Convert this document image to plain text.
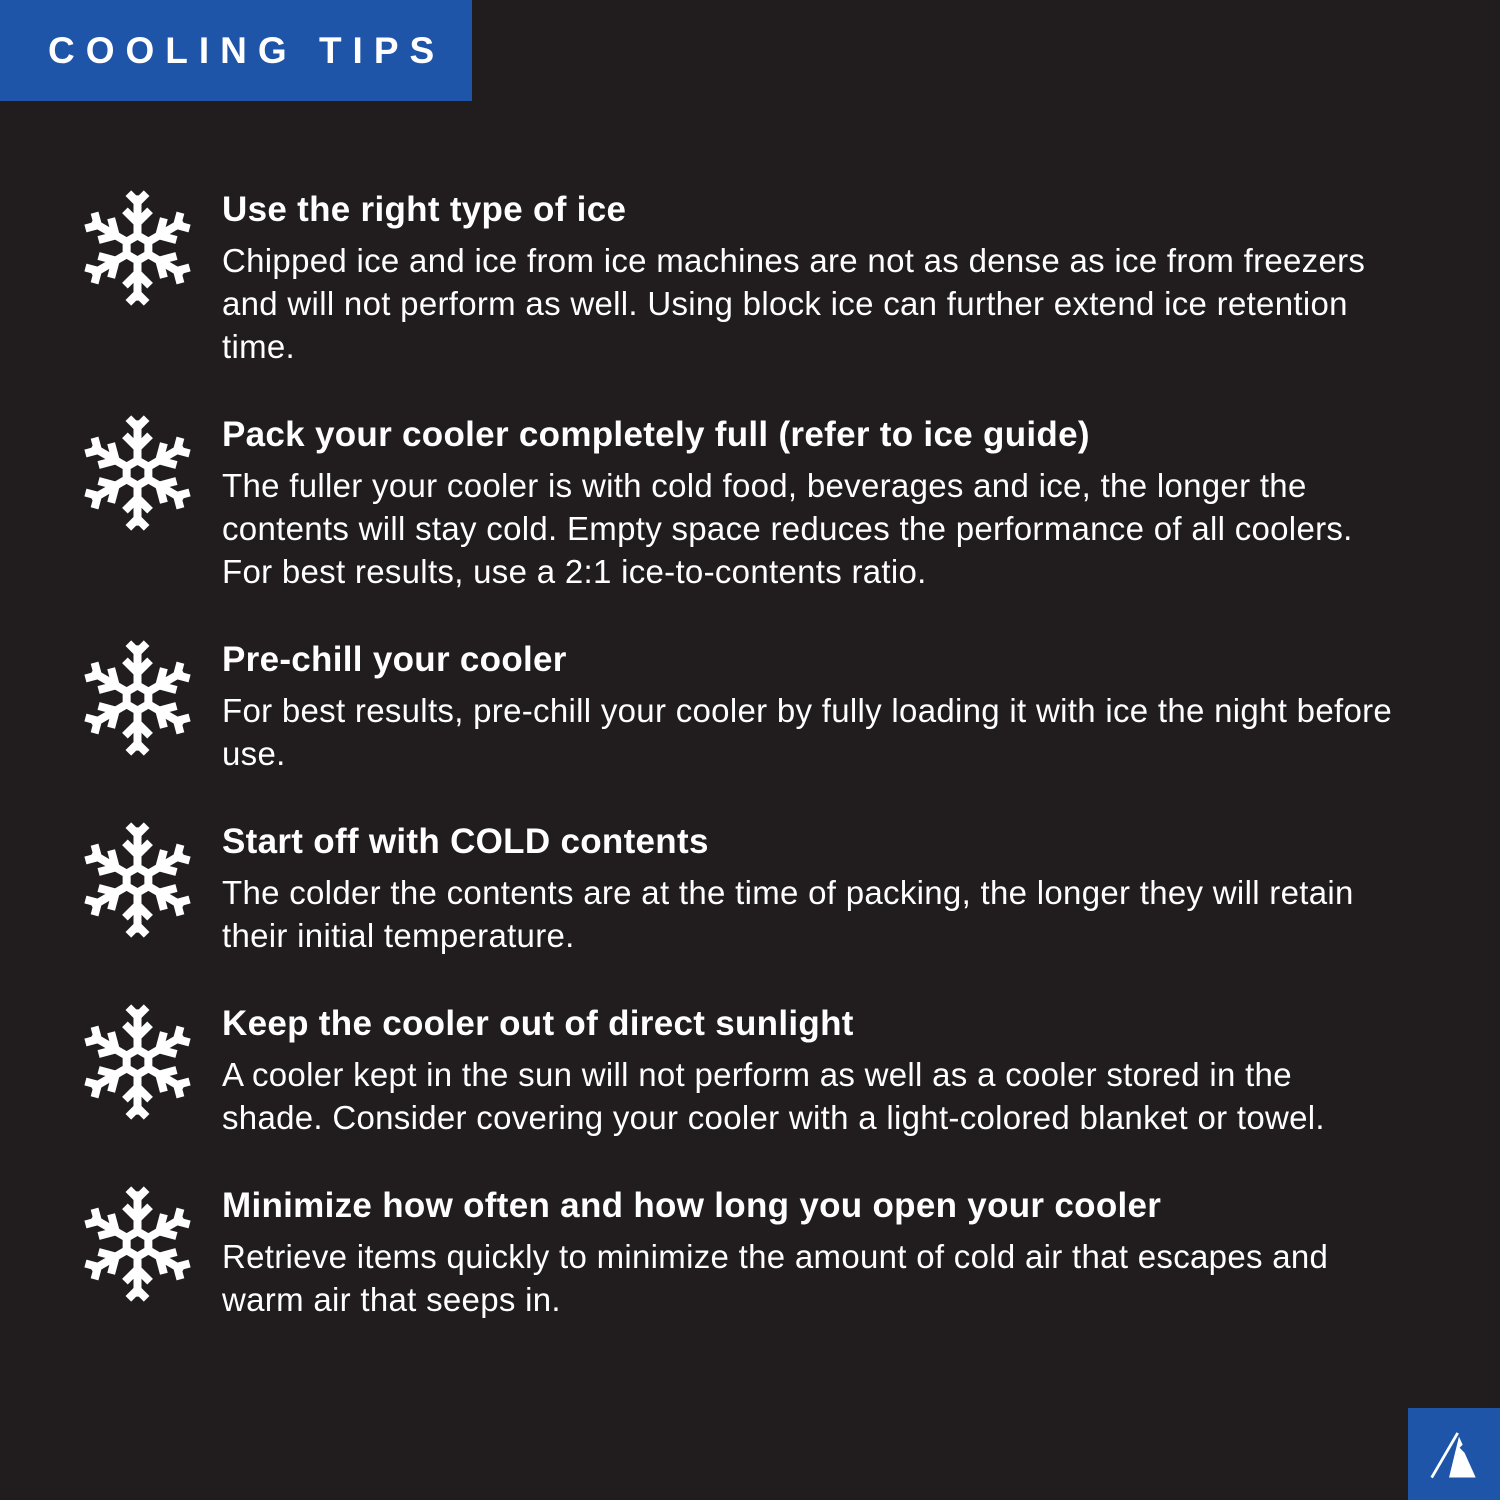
COOLING TIPS
Use the right type of ice

Chipped ice and ice from ice machines are not as dense as ice from freezers and will not perform as well. Using block ice can further extend ice retention time.

Pack your cooler completely full (refer to ice guide)

The fuller your cooler is with cold food, beverages and ice, the longer the contents will stay cold. Empty space reduces the performance of all coolers. For best results, use a 2:1 ice-to-contents ratio.

Pre-chill your cooler

For best results, pre-chill your cooler by fully loading it with ice the night before use.

Start off with COLD contents

The colder the contents are at the time of packing, the longer they will retain their initial temperature.

Keep the cooler out of direct sunlight

A cooler kept in the sun will not perform as well as a cooler stored in the shade. Consider covering your cooler with a light-colored blanket or towel.

Minimize how often and how long you open your cooler

Retrieve items quickly to minimize the amount of cold air that escapes and warm air that seeps in.
